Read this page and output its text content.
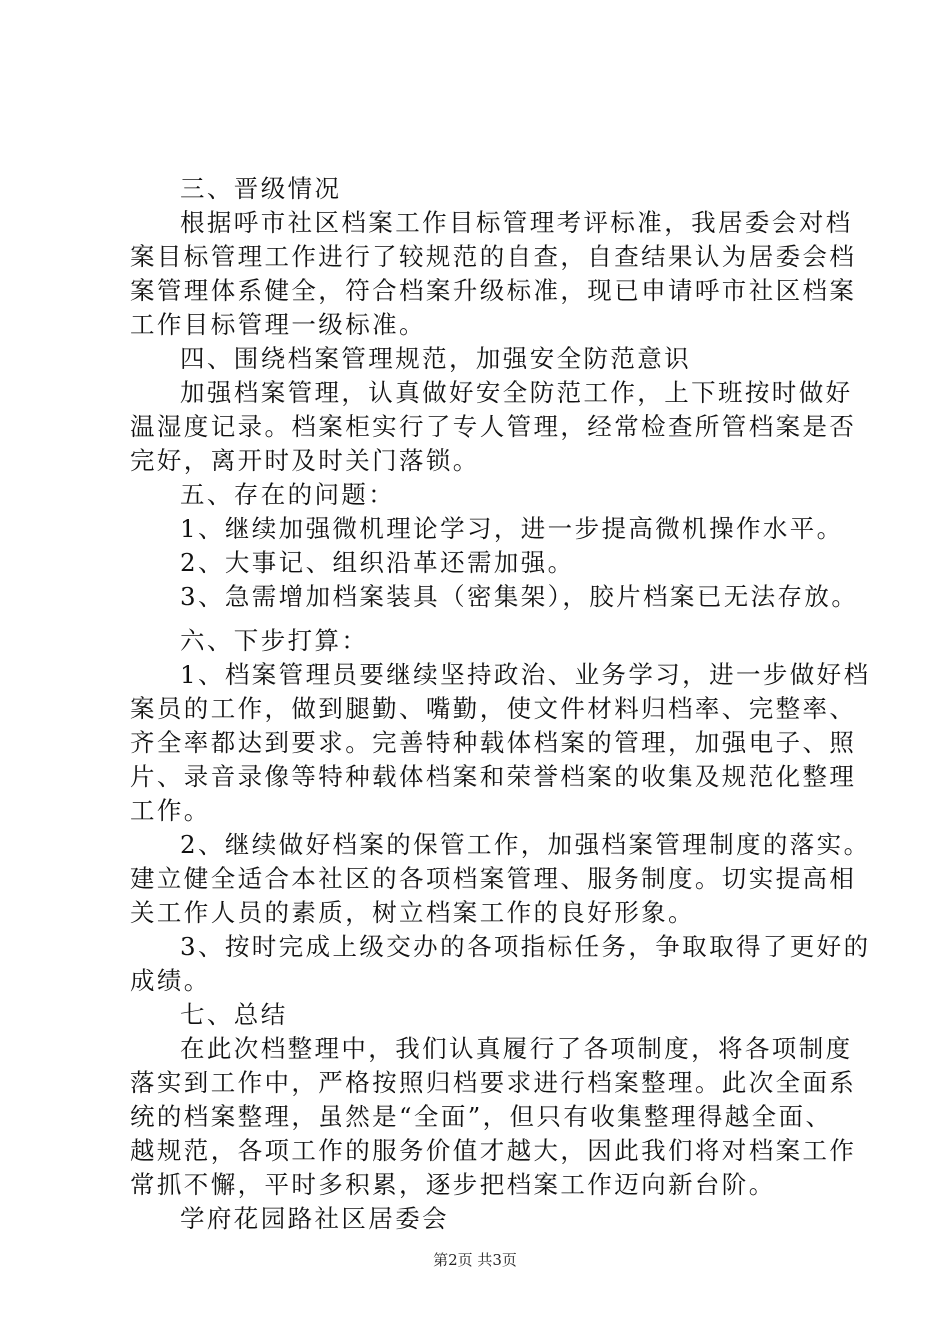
三、晋级情况
根据呼市社区档案工作目标管理考评标准，我居委会对档
案目标管理工作进行了较规范的自查，自查结果认为居委会档
案管理体系健全，符合档案升级标准，现已申请呼市社区档案
工作目标管理一级标准。
四、围绕档案管理规范，加强安全防范意识
加强档案管理，认真做好安全防范工作，上下班按时做好
温湿度记录。档案柜实行了专人管理，经常检查所管档案是否
完好，离开时及时关门落锁。
五、存在的问题：
1、继续加强微机理论学习，进一步提高微机操作水平。
2、大事记、组织沿革还需加强。
3、急需增加档案装具（密集架），胶片档案已无法存放。
六、下步打算：
1、档案管理员要继续坚持政治、业务学习，进一步做好档
案员的工作，做到腿勤、嘴勤，使文件材料归档率、完整率、
齐全率都达到要求。完善特种载体档案的管理，加强电子、照
片、录音录像等特种载体档案和荣誉档案的收集及规范化整理
工作。
2、继续做好档案的保管工作，加强档案管理制度的落实。
建立健全适合本社区的各项档案管理、服务制度。切实提高相
关工作人员的素质，树立档案工作的良好形象。
3、按时完成上级交办的各项指标任务，争取取得了更好的
成绩。
七、总结
在此次档整理中，我们认真履行了各项制度，将各项制度
落实到工作中，严格按照归档要求进行档案整理。此次全面系
统的档案整理，虽然是“全面”，但只有收集整理得越全面、
越规范，各项工作的服务价值才越大，因此我们将对档案工作
常抓不懈，平时多积累，逐步把档案工作迈向新台阶。
学府花园路社区居委会
第2页 共3页
